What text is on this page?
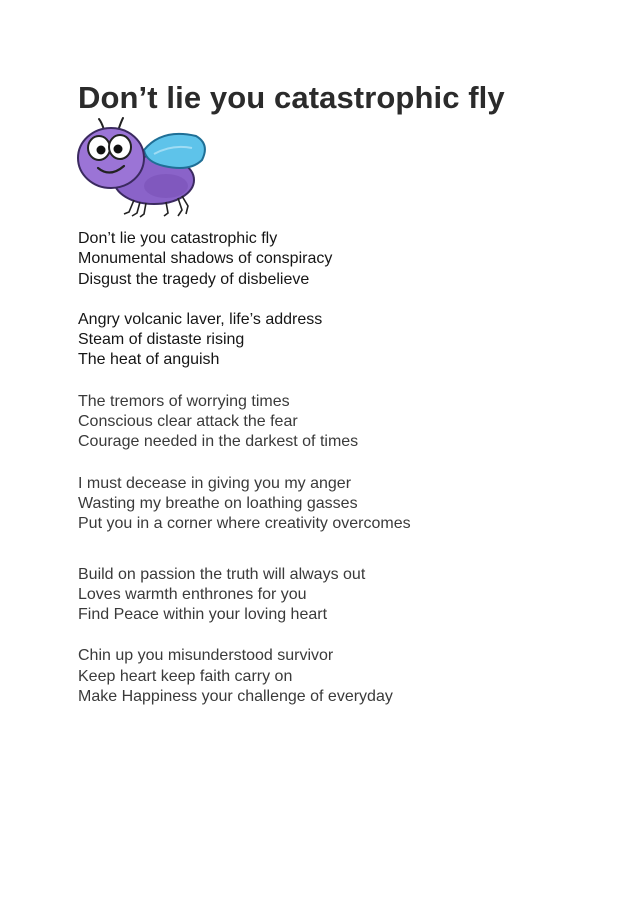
Don’t lie you catastrophic fly

Don’t lie you catastrophic fly
Monumental shadows of conspiracy
Disgust the tragedy of disbelieve

Angry volcanic laver, life’s address
Steam of distaste rising
The heat of anguish

The tremors of worrying times
Conscious clear attack the fear
Courage needed in the darkest of times

I must decease in giving you my anger
Wasting my breathe on loathing gasses
Put you in a corner where creativity overcomes

Build on passion the truth will always out
Loves warmth enthrones for you
Find Peace within your loving heart

Chin up you misunderstood survivor
Keep heart keep faith carry on
Make Happiness your challenge of everyday
